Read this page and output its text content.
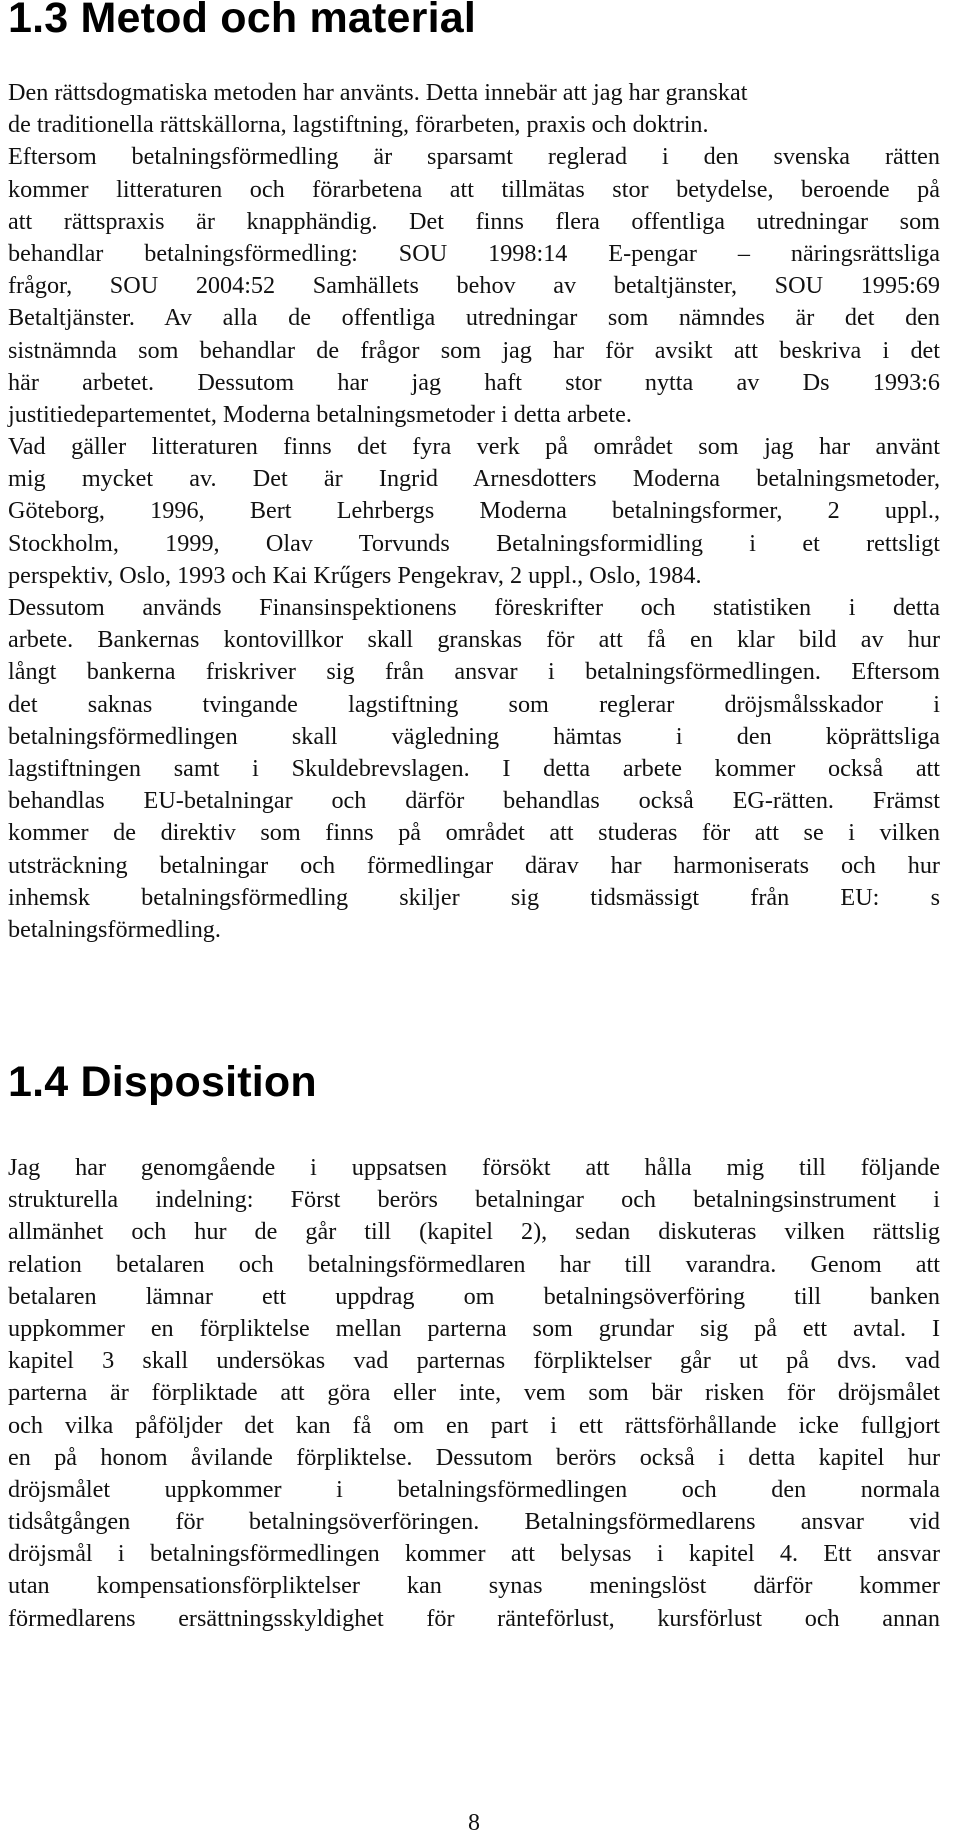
1.3 Metod och material

Den rättsdogmatiska metoden har använts. Detta innebär att jag har granskat
de traditionella rättskällorna, lagstiftning, förarbeten, praxis och doktrin.
Eftersom betalningsförmedling är sparsamt reglerad i den svenska rätten
kommer litteraturen och förarbetena att tillmätas stor betydelse, beroende på
att rättspraxis är knapphändig. Det finns flera offentliga utredningar som
behandlar betalningsförmedling: SOU 1998:14 E-pengar – näringsrättsliga
frågor, SOU 2004:52 Samhällets behov av betaltjänster, SOU 1995:69
Betaltjänster. Av alla de offentliga utredningar som nämndes är det den
sistnämnda som behandlar de frågor som jag har för avsikt att beskriva i det
här arbetet. Dessutom har jag haft stor nytta av Ds 1993:6
justitiedepartementet, Moderna betalningsmetoder i detta arbete.
Vad gäller litteraturen finns det fyra verk på området som jag har använt
mig mycket av. Det är Ingrid Arnesdotters Moderna betalningsmetoder,
Göteborg, 1996, Bert Lehrbergs Moderna betalningsformer, 2 uppl.,
Stockholm, 1999, Olav Torvunds Betalningsformidling i et rettsligt
perspektiv, Oslo, 1993 och Kai Krűgers Pengekrav, 2 uppl., Oslo, 1984.
Dessutom används Finansinspektionens föreskrifter och statistiken i detta
arbete. Bankernas kontovillkor skall granskas för att få en klar bild av hur
långt bankerna friskriver sig från ansvar i betalningsförmedlingen. Eftersom
det saknas tvingande lagstiftning som reglerar dröjsmålsskador i
betalningsförmedlingen skall vägledning hämtas i den köprättsliga
lagstiftningen samt i Skuldebrevslagen. I detta arbete kommer också att
behandlas EU-betalningar och därför behandlas också EG-rätten. Främst
kommer de direktiv som finns på området att studeras för att se i vilken
utsträckning betalningar och förmedlingar därav har harmoniserats och hur
inhemsk betalningsförmedling skiljer sig tidsmässigt från EU: s
betalningsförmedling.

1.4 Disposition

Jag har genomgående i uppsatsen försökt att hålla mig till följande
strukturella indelning: Först berörs betalningar och betalningsinstrument i
allmänhet och hur de går till (kapitel 2), sedan diskuteras vilken rättslig
relation betalaren och betalningsförmedlaren har till varandra. Genom att
betalaren lämnar ett uppdrag om betalningsöverföring till banken
uppkommer en förpliktelse mellan parterna som grundar sig på ett avtal. I
kapitel 3 skall undersökas vad parternas förpliktelser går ut på dvs. vad
parterna är förpliktade att göra eller inte, vem som bär risken för dröjsmålet
och vilka påföljder det kan få om en part i ett rättsförhållande icke fullgjort
en på honom åvilande förpliktelse. Dessutom berörs också i detta kapitel hur
dröjsmålet uppkommer i betalningsförmedlingen och den normala
tidsåtgången för betalningsöverföringen. Betalningsförmedlarens ansvar vid
dröjsmål i betalningsförmedlingen kommer att belysas i kapitel 4. Ett ansvar
utan kompensationsförpliktelser kan synas meningslöst därför kommer
förmedlarens ersättningsskyldighet för ränteförlust, kursförlust och annan

8
